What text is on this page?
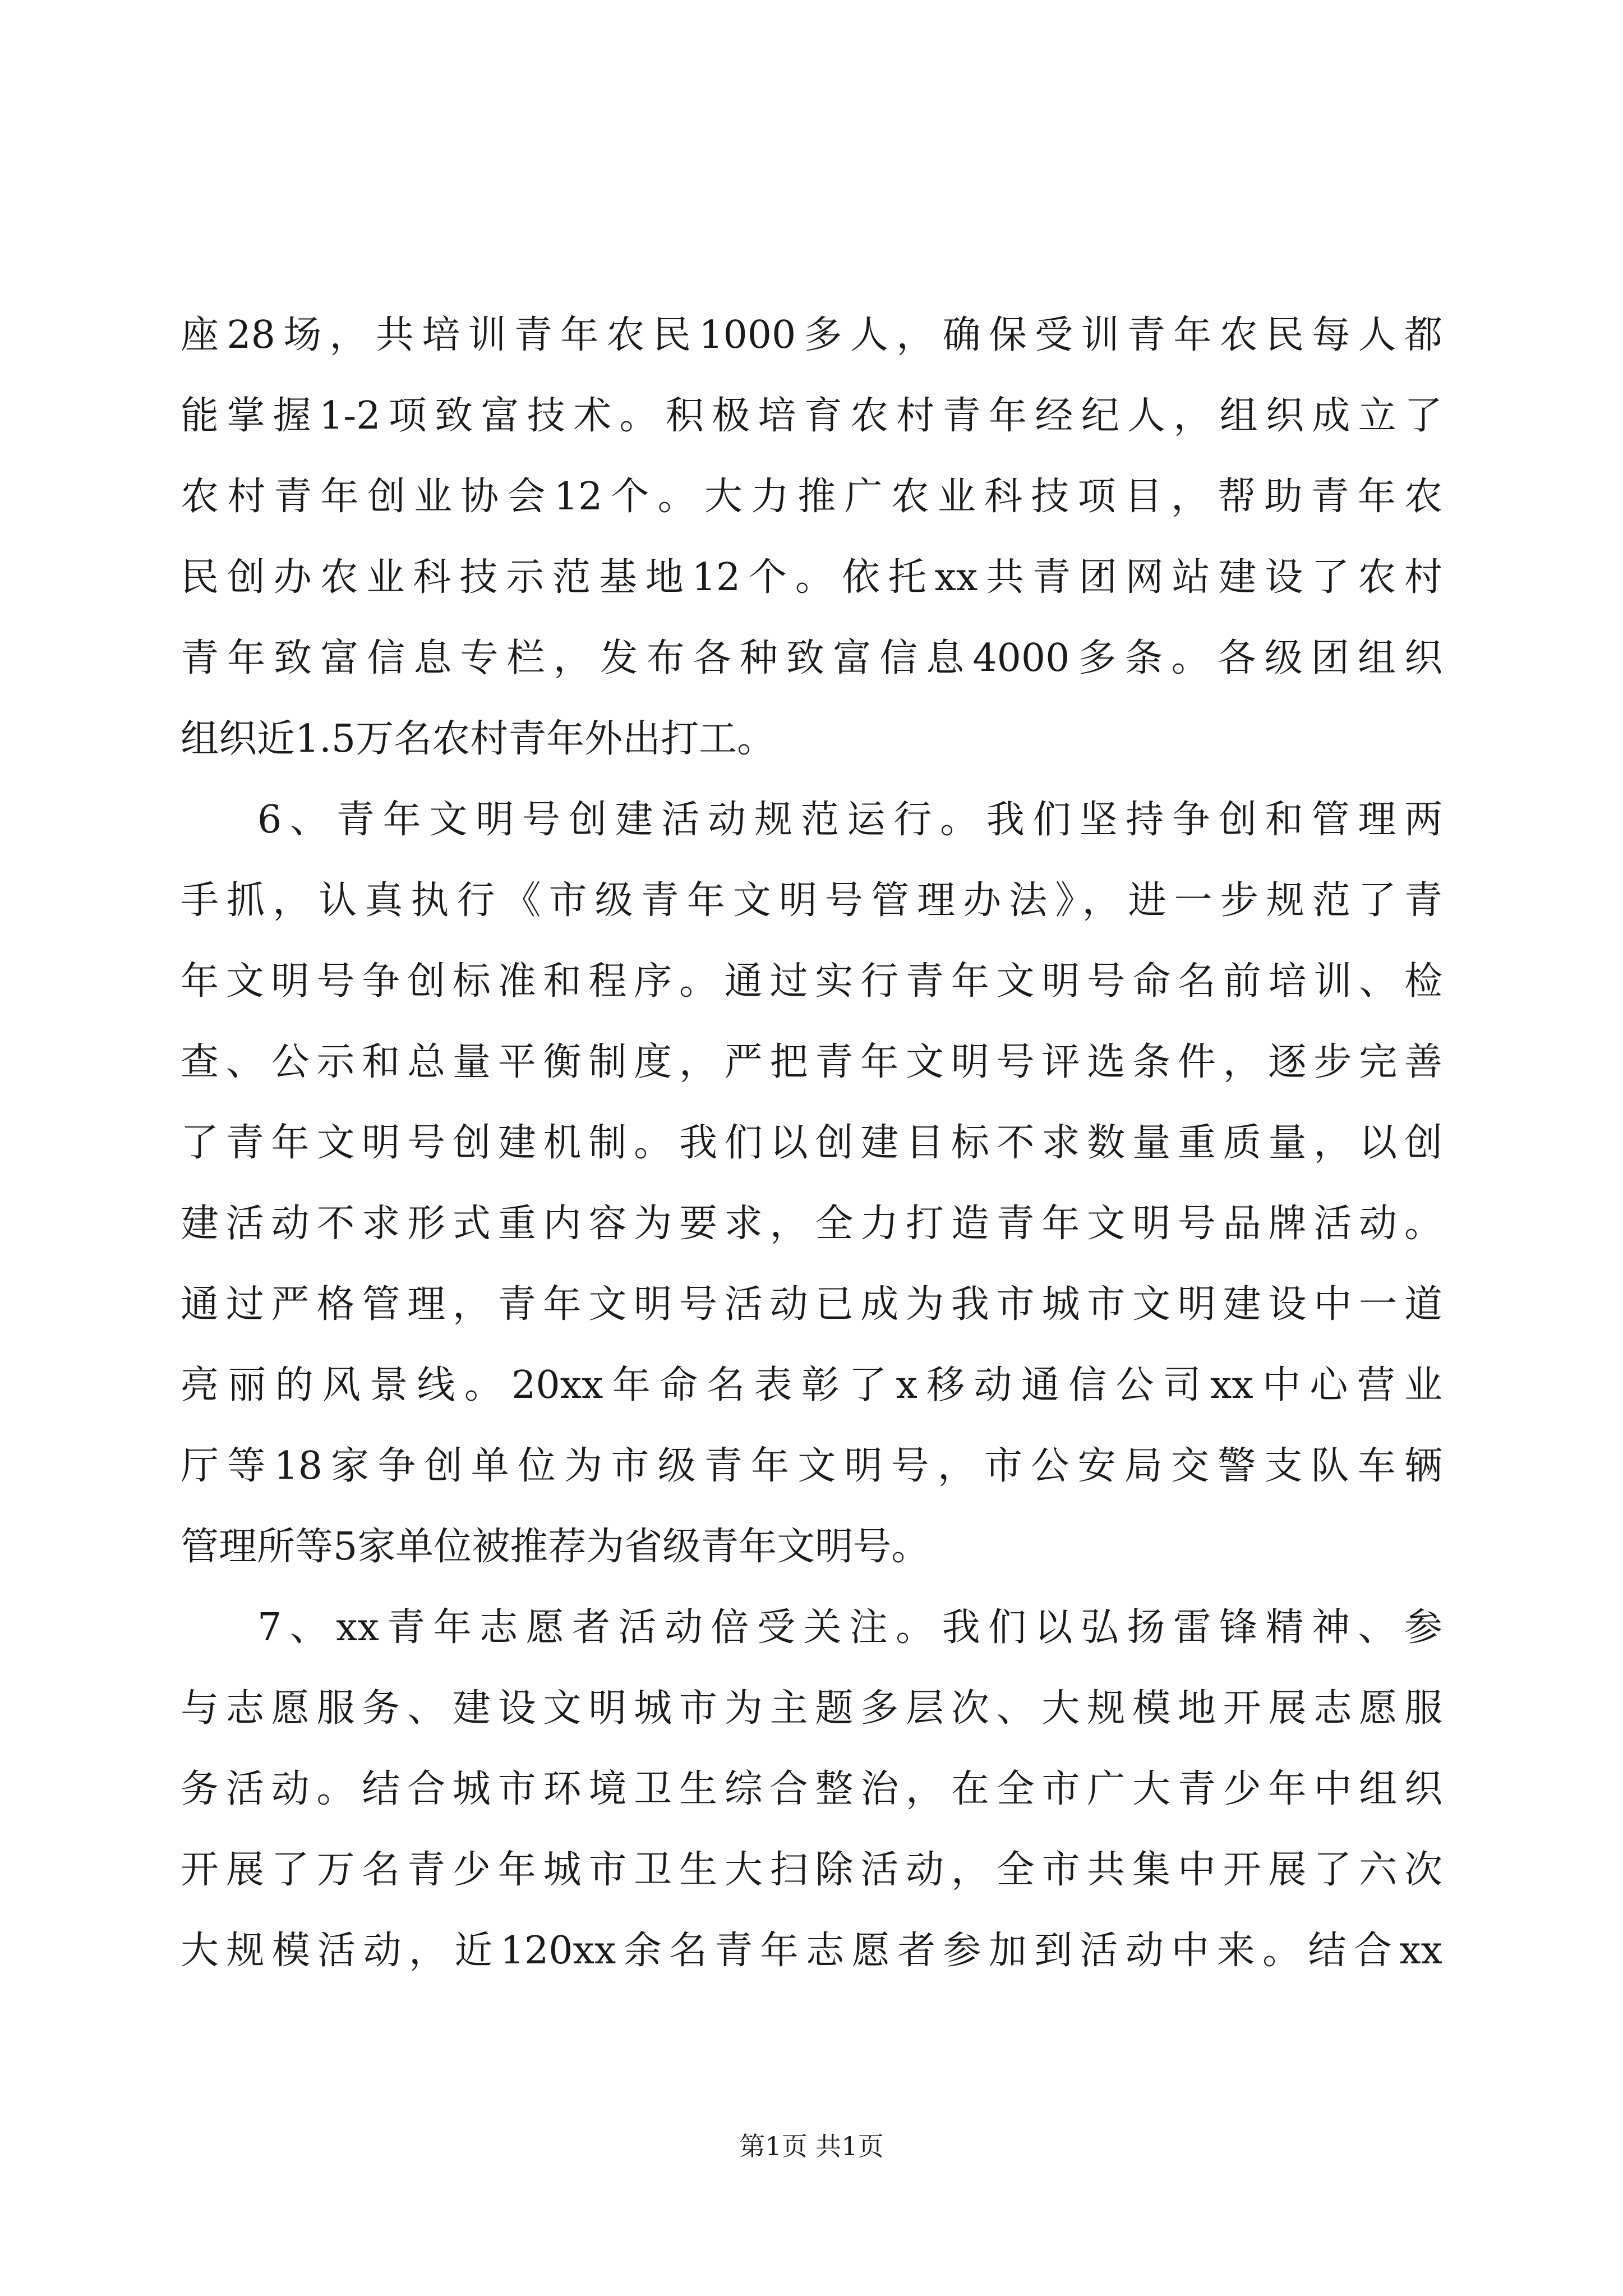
座28场，共培训青年农民1000多人，确保受训青年农民每人都
能掌握1-2项致富技术。积极培育农村青年经纪人，组织成立了
农村青年创业协会12个。大力推广农业科技项目，帮助青年农
民创办农业科技示范基地12个。依托xx共青团网站建设了农村
青年致富信息专栏，发布各种致富信息4000多条。各级团组织
组织近1.5万名农村青年外出打工。
6、青年文明号创建活动规范运行。我们坚持争创和管理两
手抓，认真执行《市级青年文明号管理办法》，进一步规范了青
年文明号争创标准和程序。通过实行青年文明号命名前培训、检
查、公示和总量平衡制度，严把青年文明号评选条件，逐步完善
了青年文明号创建机制。我们以创建目标不求数量重质量，以创
建活动不求形式重内容为要求，全力打造青年文明号品牌活动。
通过严格管理，青年文明号活动已成为我市城市文明建设中一道
亮丽的风景线。20xx年命名表彰了x移动通信公司xx中心营业
厅等18家争创单位为市级青年文明号，市公安局交警支队车辆
管理所等5家单位被推荐为省级青年文明号。
7、xx青年志愿者活动倍受关注。我们以弘扬雷锋精神、参
与志愿服务、建设文明城市为主题多层次、大规模地开展志愿服
务活动。结合城市环境卫生综合整治，在全市广大青少年中组织
开展了万名青少年城市卫生大扫除活动，全市共集中开展了六次
大规模活动，近120xx余名青年志愿者参加到活动中来。结合xx
第1页 共1页
